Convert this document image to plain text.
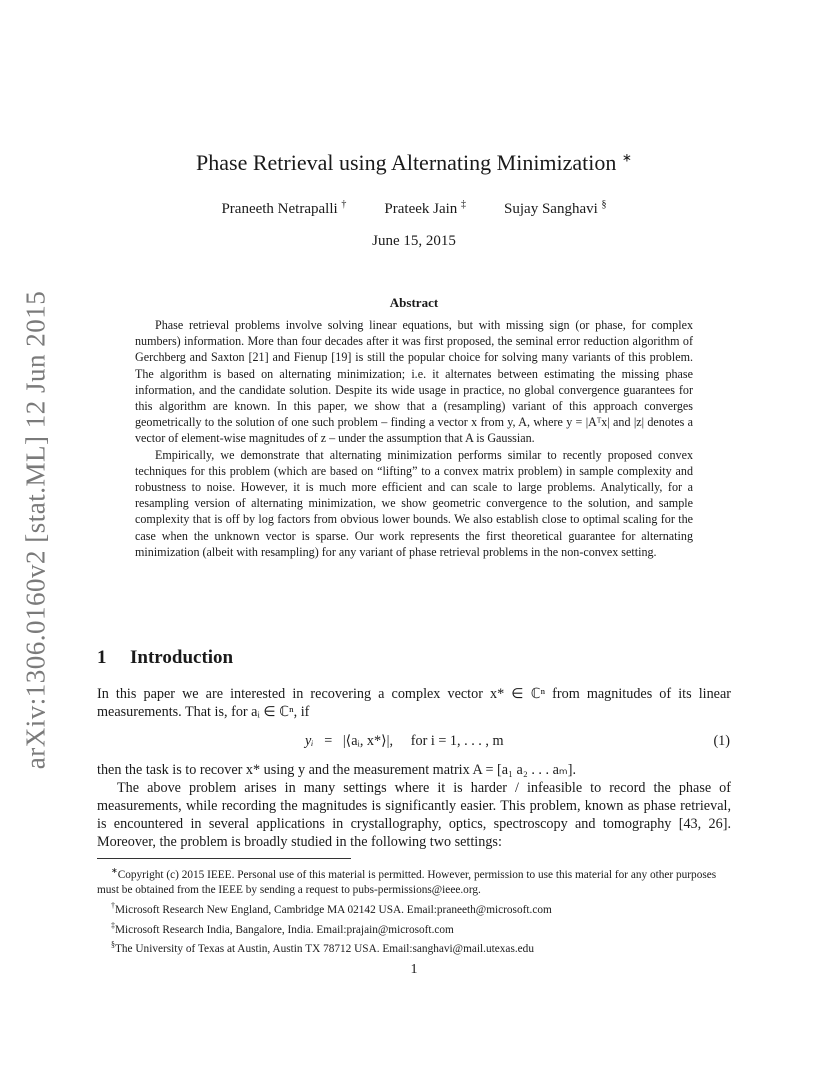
arXiv:1306.0160v2 [stat.ML] 12 Jun 2015
Phase Retrieval using Alternating Minimization ∗
Praneeth Netrapalli †	Prateek Jain ‡	Sujay Sanghavi §
June 15, 2015
Abstract

Phase retrieval problems involve solving linear equations, but with missing sign (or phase, for complex numbers) information. More than four decades after it was first proposed, the seminal error reduction algorithm of Gerchberg and Saxton [21] and Fienup [19] is still the popular choice for solving many variants of this problem. The algorithm is based on alternating minimization; i.e. it alternates between estimating the missing phase information, and the candidate solution. Despite its wide usage in practice, no global convergence guarantees for this algorithm are known. In this paper, we show that a (resampling) variant of this approach converges geometrically to the solution of one such problem – finding a vector x from y, A, where y = |Aᵀx| and |z| denotes a vector of element-wise magnitudes of z – under the assumption that A is Gaussian.

Empirically, we demonstrate that alternating minimization performs similar to recently proposed convex techniques for this problem (which are based on “lifting” to a convex matrix problem) in sample complexity and robustness to noise. However, it is much more efficient and can scale to large problems. Analytically, for a resampling version of alternating minimization, we show geometric convergence to the solution, and sample complexity that is off by log factors from obvious lower bounds. We also establish close to optimal scaling for the case when the unknown vector is sparse. Our work represents the first theoretical guarantee for alternating minimization (albeit with resampling) for any variant of phase retrieval problems in the non-convex setting.

1 Introduction

In this paper we are interested in recovering a complex vector x* ∈ ℂⁿ from magnitudes of its linear measurements. That is, for aᵢ ∈ ℂⁿ, if

yᵢ = |⟨aᵢ, x*⟩|, for i = 1, . . . , m	(1)

then the task is to recover x* using y and the measurement matrix A = [a₁ a₂ . . . aₘ].

The above problem arises in many settings where it is harder / infeasible to record the phase of measurements, while recording the magnitudes is significantly easier. This problem, known as phase retrieval, is encountered in several applications in crystallography, optics, spectroscopy and tomography [43, 26]. Moreover, the problem is broadly studied in the following two settings:

∗Copyright (c) 2015 IEEE. Personal use of this material is permitted. However, permission to use this material for any other purposes must be obtained from the IEEE by sending a request to pubs-permissions@ieee.org.

†Microsoft Research New England, Cambridge MA 02142 USA. Email:praneeth@microsoft.com

‡Microsoft Research India, Bangalore, India. Email:prajain@microsoft.com

§The University of Texas at Austin, Austin TX 78712 USA. Email:sanghavi@mail.utexas.edu

1
